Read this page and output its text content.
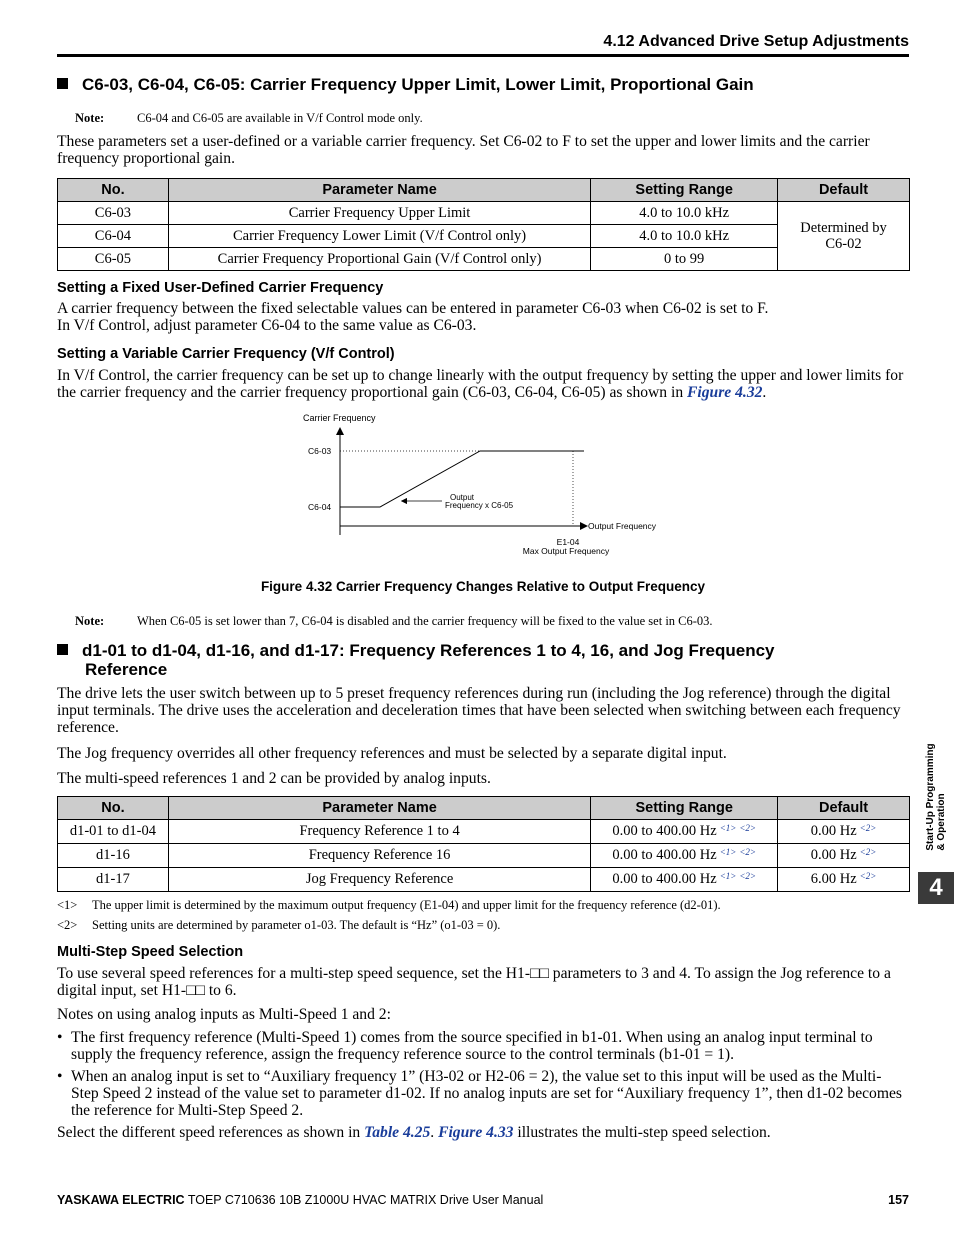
4.12 Advanced Drive Setup Adjustments
C6-03, C6-04, C6-05: Carrier Frequency Upper Limit, Lower Limit, Proportional Gain
Note:	C6-04 and C6-05 are available in V/f Control mode only.
These parameters set a user-defined or a variable carrier frequency. Set C6-02 to F to set the upper and lower limits and the carrier frequency proportional gain.
No.	Parameter Name	Setting Range	Default
C6-03	Carrier Frequency Upper Limit	4.0 to 10.0 kHz	Determined by C6-02
C6-04	Carrier Frequency Lower Limit (V/f Control only)	4.0 to 10.0 kHz	
C6-05	Carrier Frequency Proportional Gain (V/f Control only)	0 to 99	
Setting a Fixed User-Defined Carrier Frequency
A carrier frequency between the fixed selectable values can be entered in parameter C6-03 when C6-02 is set to F.
In V/f Control, adjust parameter C6-04 to the same value as C6-03.
Setting a Variable Carrier Frequency (V/f Control)
In V/f Control, the carrier frequency can be set up to change linearly with the output frequency by setting the upper and lower limits for the carrier frequency and the carrier frequency proportional gain (C6-03, C6-04, C6-05) as shown in Figure 4.32.
Carrier Frequency
C6-03
C6-04
Output
Frequency x C6-05
Output Frequency
E1-04
Max Output Frequency
Figure 4.32 Carrier Frequency Changes Relative to Output Frequency
Note:	When C6-05 is set lower than 7, C6-04 is disabled and the carrier frequency will be fixed to the value set in C6-03.
d1-01 to d1-04, d1-16, and d1-17: Frequency References 1 to 4, 16, and Jog Frequency
Reference
The drive lets the user switch between up to 5 preset frequency references during run (including the Jog reference) through the digital input terminals. The drive uses the acceleration and deceleration times that have been selected when switching between each frequency reference.
The Jog frequency overrides all other frequency references and must be selected by a separate digital input.
The multi-speed references 1 and 2 can be provided by analog inputs.
No.	Parameter Name	Setting Range	Default
d1-01 to d1-04	Frequency Reference 1 to 4	0.00 to 400.00 Hz $^{<1>}$ $^{<2>}$	0.00 Hz $^{<2>}$
d1-16	Frequency Reference 16	0.00 to 400.00 Hz $^{<1>}$ $^{<2>}$	0.00 Hz $^{<2>}$
d1-17	Jog Frequency Reference	0.00 to 400.00 Hz $^{<1>}$ $^{<2>}$	6.00 Hz $^{<2>}$
<1> The upper limit is determined by the maximum output frequency (E1-04) and upper limit for the frequency reference (d2-01).
<2> Setting units are determined by parameter o1-03. The default is “Hz” (o1-03 = 0).
Multi-Step Speed Selection
To use several speed references for a multi-step speed sequence, set the H1-□□ parameters to 3 and 4. To assign the Jog reference to a digital input, set H1-□□ to 6.
Notes on using analog inputs as Multi-Speed 1 and 2:
• The first frequency reference (Multi-Speed 1) comes from the source specified in b1-01. When using an analog input terminal to supply the frequency reference, assign the frequency reference source to the control terminals (b1-01 = 1).
• When an analog input is set to “Auxiliary frequency 1” (H3-02 or H2-06 = 2), the value set to this input will be used as the Multi-Step Speed 2 instead of the value set to parameter d1-02. If no analog inputs are set for “Auxiliary frequency 1”, then d1-02 becomes the reference for Multi-Step Speed 2.
Select the different speed references as shown in Table 4.25. Figure 4.33 illustrates the multi-step speed selection.
Start-Up Programming
& Operation
4
YASKAWA ELECTRIC TOEP C710636 10B Z1000U HVAC MATRIX Drive User Manual	157
